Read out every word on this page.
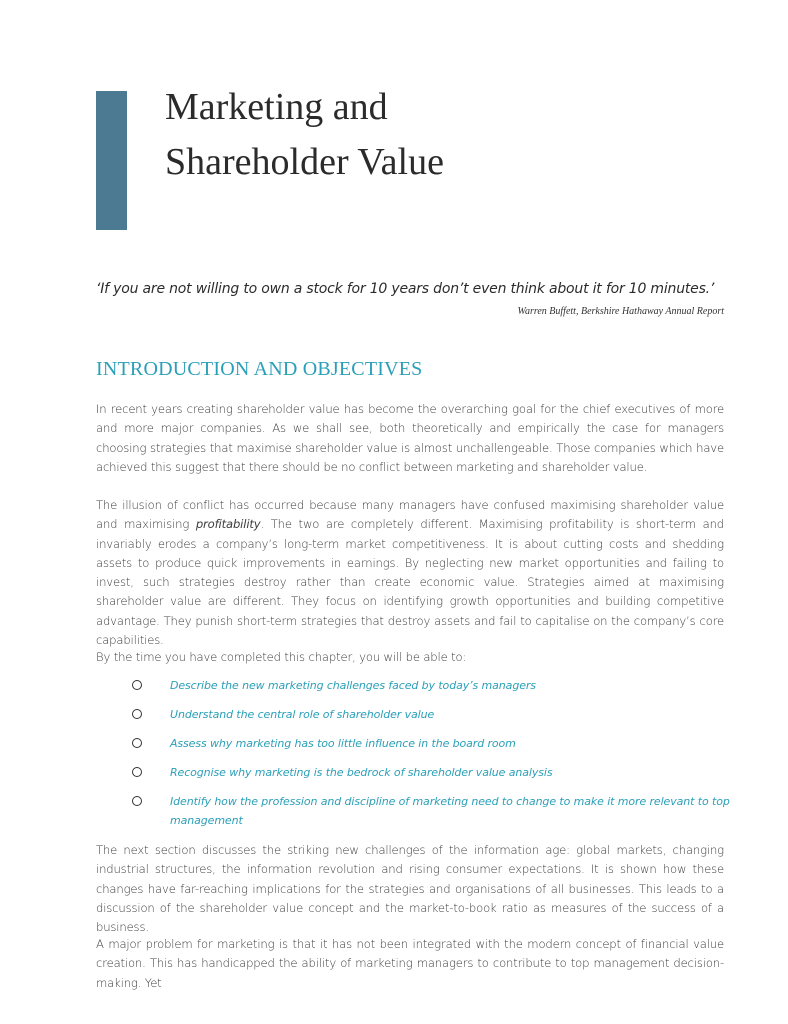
Marketing and
Shareholder Value
‘If you are not willing to own a stock for 10 years don’t even think about it for 10 minutes.’
Warren Buffett, Berkshire Hathaway Annual Report
INTRODUCTION AND OBJECTIVES

In recent years creating shareholder value has become the overarching goal for the chief executives of more and more major companies. As we shall see, both theoretically and empirically the case for managers choosing strategies that maximise shareholder value is almost unchallengeable. Those companies which have achieved this suggest that there should be no conflict between marketing and shareholder value.

The illusion of conflict has occurred because many managers have confused maximising shareholder value and maximising profitability. The two are completely different. Maximising profitability is short-term and invariably erodes a company’s long-term market competitiveness. It is about cutting costs and shedding assets to produce quick improvements in earnings. By neglecting new market opportunities and failing to invest, such strategies destroy rather than create economic value. Strategies aimed at maximising shareholder value are different. They focus on identifying growth opportunities and building competitive advantage. They punish short-term strategies that destroy assets and fail to capitalise on the company’s core capabilities.

By the time you have completed this chapter, you will be able to:

Describe the new marketing challenges faced by today’s managers
Understand the central role of shareholder value
Assess why marketing has too little influence in the board room
Recognise why marketing is the bedrock of shareholder value analysis
Identify how the profession and discipline of marketing need to change to make it more relevant to top management

The next section discusses the striking new challenges of the information age: global markets, changing industrial structures, the information revolution and rising consumer expectations. It is shown how these changes have far-reaching implications for the strategies and organisations of all businesses. This leads to a discussion of the shareholder value concept and the market-to-book ratio as measures of the success of a business.

A major problem for marketing is that it has not been integrated with the modern concept of financial value creation. This has handicapped the ability of marketing managers to contribute to top management decision-making. Yet
